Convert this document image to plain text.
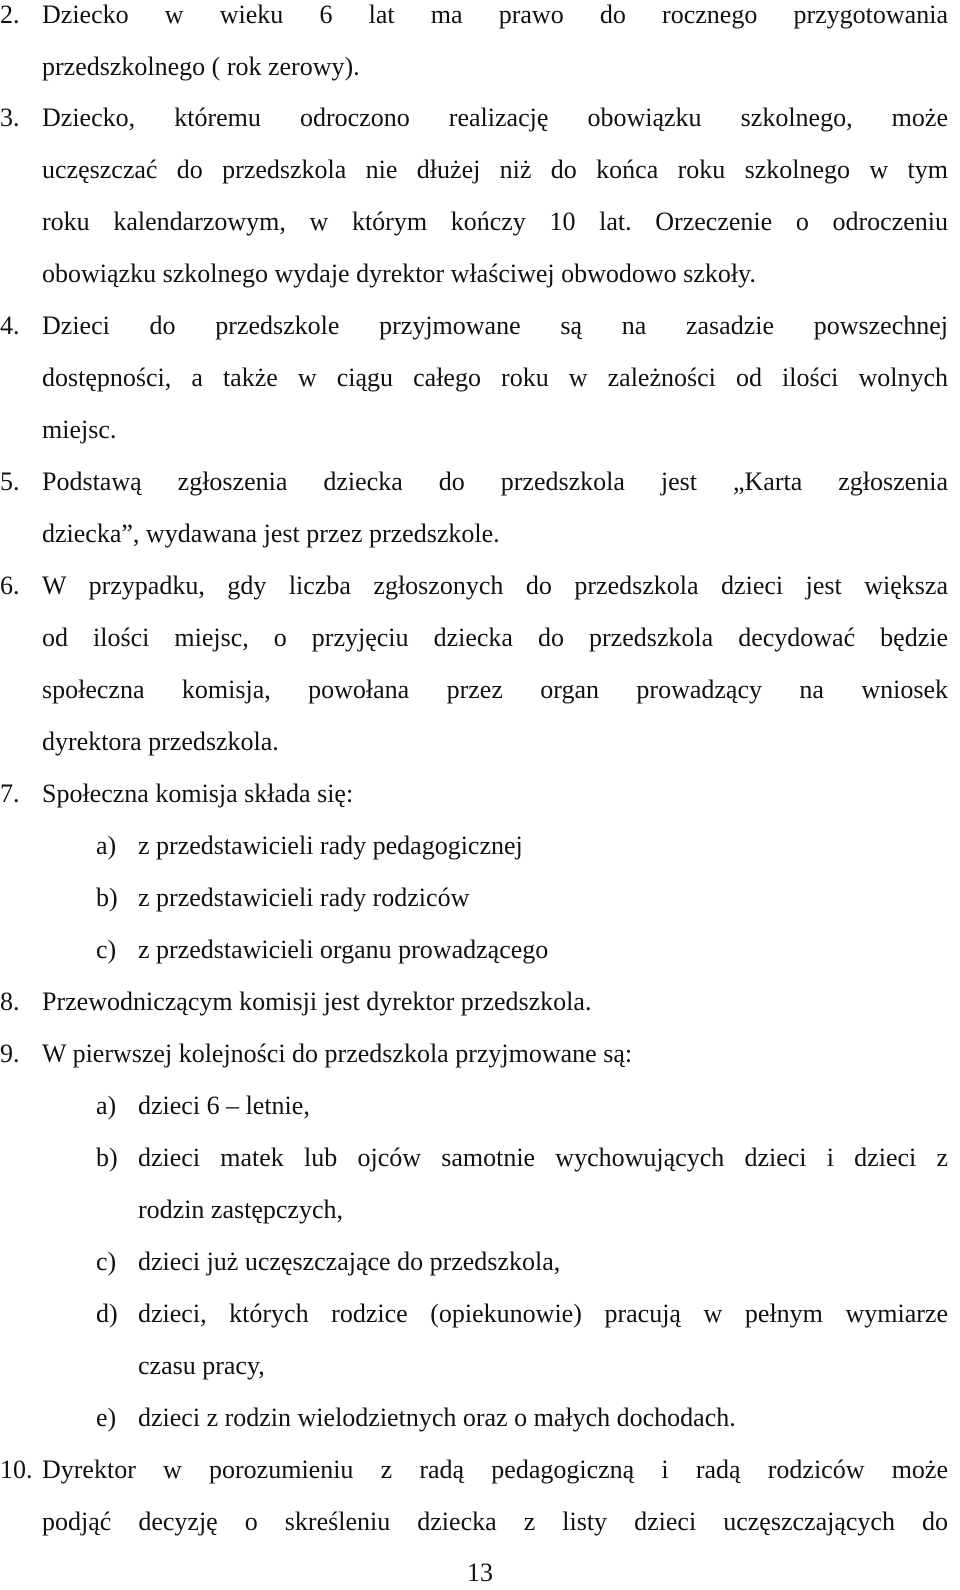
2. Dziecko w wieku 6 lat ma prawo do rocznego przygotowania
przedszkolnego ( rok zerowy).
3. Dziecko, któremu odroczono realizację obowiązku szkolnego, może
uczęszczać do przedszkola nie dłużej niż do końca roku szkolnego w tym
roku kalendarzowym, w którym kończy 10 lat. Orzeczenie o odroczeniu
obowiązku szkolnego wydaje dyrektor właściwej obwodowo szkoły.
4. Dzieci do przedszkole przyjmowane są na zasadzie powszechnej
dostępności, a także w ciągu całego roku w zależności od ilości wolnych
miejsc.
5. Podstawą zgłoszenia dziecka do przedszkola jest „Karta zgłoszenia
dziecka”, wydawana jest przez przedszkole.
6. W przypadku, gdy liczba zgłoszonych do przedszkola dzieci jest większa
od ilości miejsc, o przyjęciu dziecka do przedszkola decydować będzie
społeczna komisja, powołana przez organ prowadzący na wniosek
dyrektora przedszkola.
7. Społeczna komisja składa się:
a) z przedstawicieli rady pedagogicznej
b) z przedstawicieli rady rodziców
c) z przedstawicieli organu prowadzącego
8. Przewodniczącym komisji jest dyrektor przedszkola.
9. W pierwszej kolejności do przedszkola przyjmowane są:
a) dzieci 6 – letnie,
b) dzieci matek lub ojców samotnie wychowujących dzieci i dzieci z
rodzin zastępczych,
c) dzieci już uczęszczające do przedszkola,
d) dzieci, których rodzice (opiekunowie) pracują w pełnym wymiarze
czasu pracy,
e) dzieci z rodzin wielodzietnych oraz o małych dochodach.
10. Dyrektor w porozumieniu z radą pedagogiczną i radą rodziców może
podjąć decyzję o skreśleniu dziecka z listy dzieci uczęszczających do
13
